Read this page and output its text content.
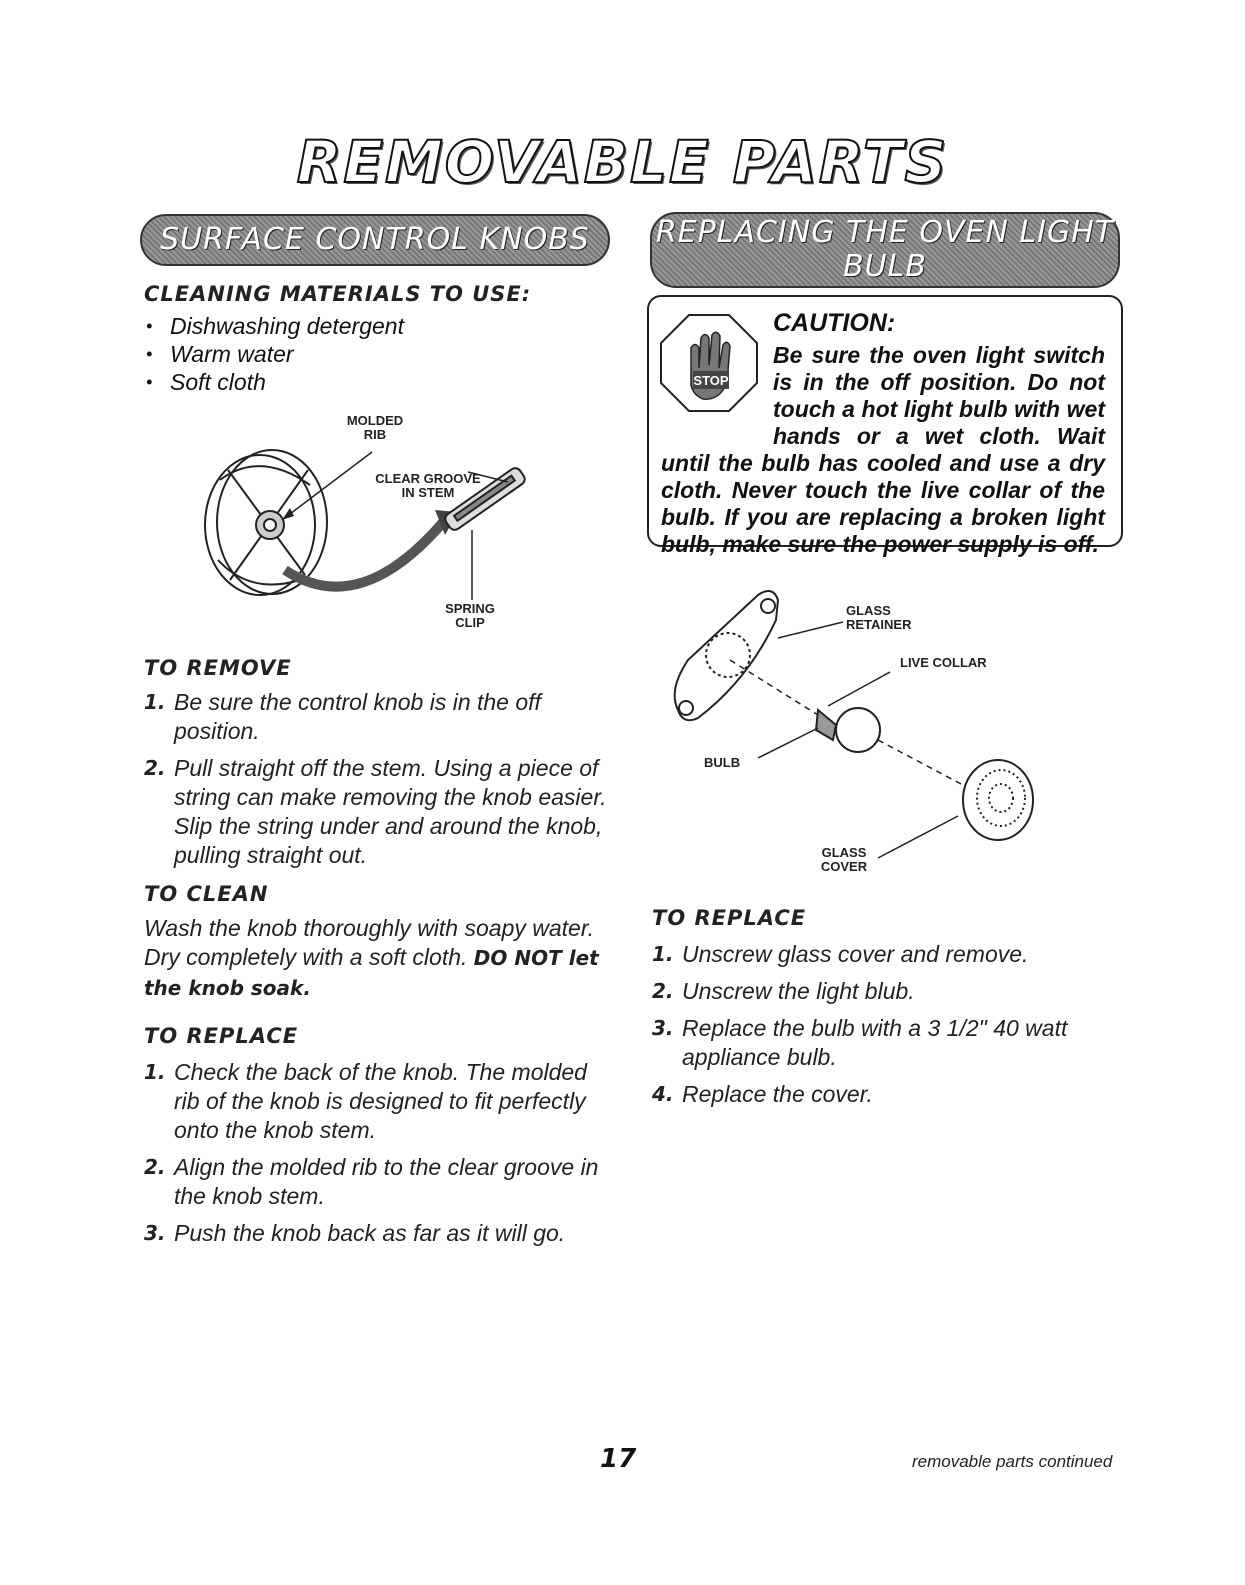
REMOVABLE PARTS
SURFACE CONTROL KNOBS
CLEANING MATERIALS TO USE:
• Dishwashing detergent
• Warm water
• Soft cloth
MOLDED RIB
CLEAR GROOVE IN STEM
SPRING CLIP
TO REMOVE
1. Be sure the control knob is in the off position.
2. Pull straight off the stem. Using a piece of string can make removing the knob easier. Slip the string under and around the knob, pulling straight out.
TO CLEAN
Wash the knob thoroughly with soapy water. Dry completely with a soft cloth. DO NOT let the knob soak.
TO REPLACE
1. Check the back of the knob. The molded rib of the knob is designed to fit perfectly onto the knob stem.
2. Align the molded rib to the clear groove in the knob stem.
3. Push the knob back as far as it will go.
REPLACING THE OVEN LIGHT
BULB
STOP
CAUTION:
Be sure the oven light switch is in the off position. Do not touch a hot light bulb with wet hands or a wet cloth. Wait until the bulb has cooled and use a dry cloth. Never touch the live collar of the bulb. If you are replacing a broken light bulb, make sure the power supply is off.
GLASS RETAINER
LIVE COLLAR
BULB
GLASS COVER
TO REPLACE
1. Unscrew glass cover and remove.
2. Unscrew the light blub.
3. Replace the bulb with a 3 1/2" 40 watt appliance bulb.
4. Replace the cover.
17	removable parts continued
